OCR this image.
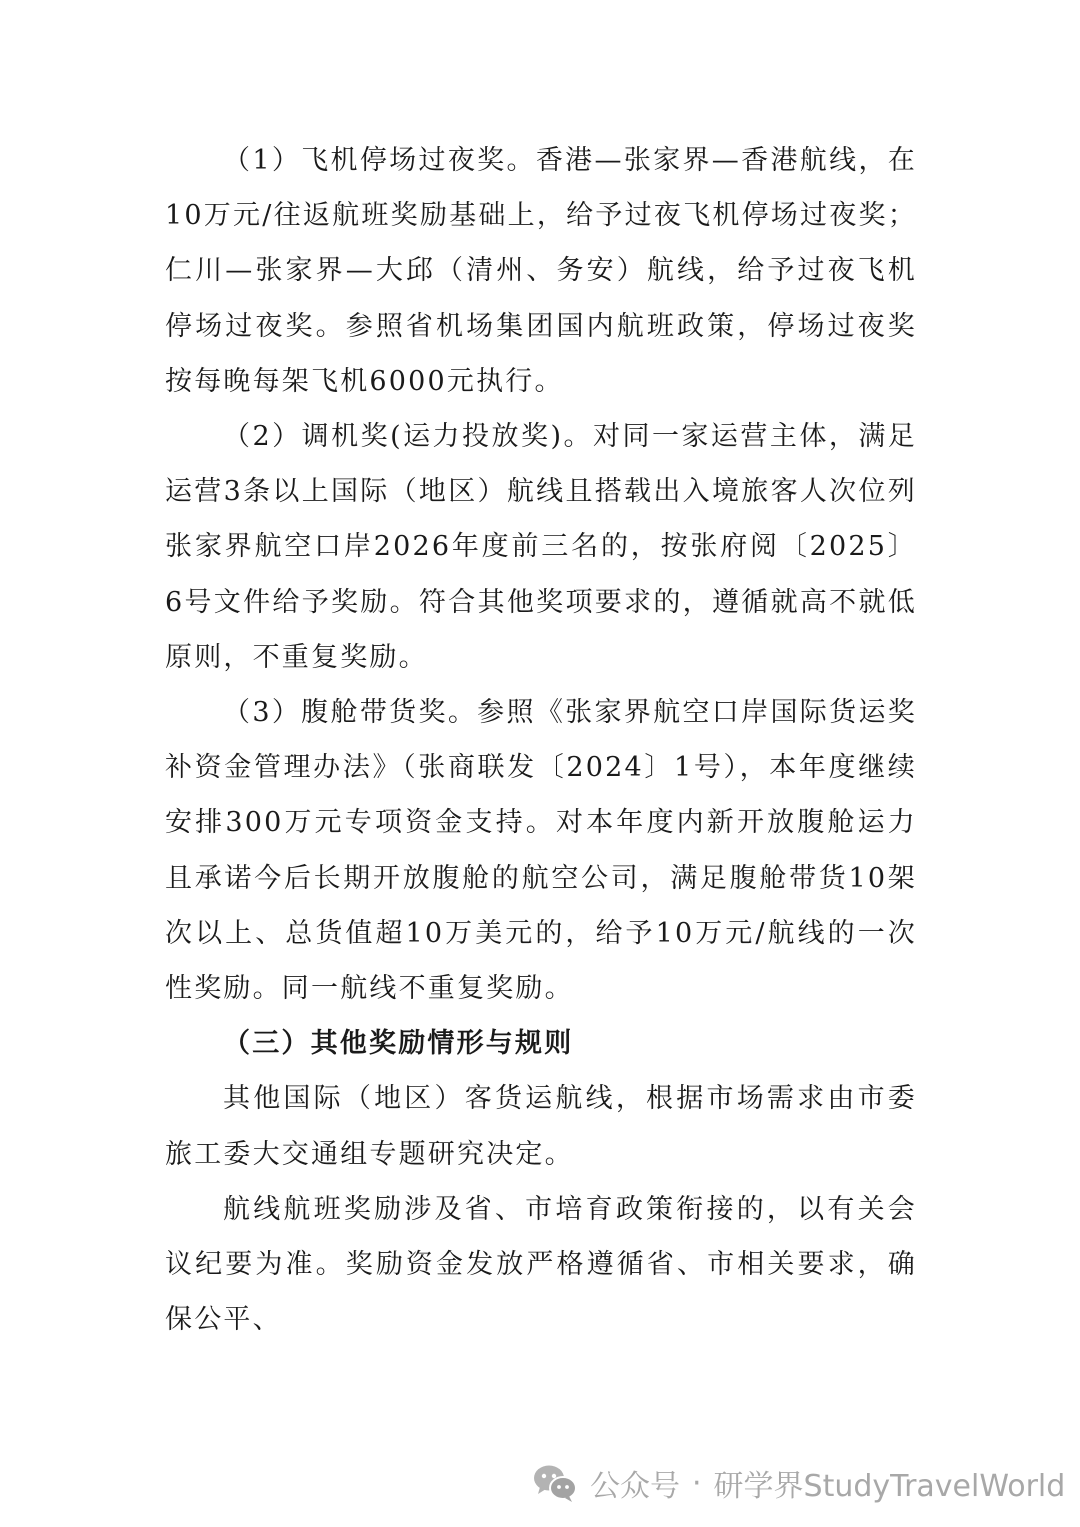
（1）飞机停场过夜奖。香港—张家界—香港航线，在10万元/往返航班奖励基础上，给予过夜飞机停场过夜奖；仁川—张家界—大邱（清州、务安）航线，给予过夜飞机停场过夜奖。参照省机场集团国内航班政策，停场过夜奖按每晚每架飞机6000元执行。

（2）调机奖(运力投放奖)。对同一家运营主体，满足运营3条以上国际（地区）航线且搭载出入境旅客人次位列张家界航空口岸2026年度前三名的，按张府阅〔2025〕6号文件给予奖励。符合其他奖项要求的，遵循就高不就低原则，不重复奖励。

（3）腹舱带货奖。参照《张家界航空口岸国际货运奖补资金管理办法》（张商联发〔2024〕1号），本年度继续安排300万元专项资金支持。对本年度内新开放腹舱运力且承诺今后长期开放腹舱的航空公司，满足腹舱带货10架次以上、总货值超10万美元的，给予10万元/航线的一次性奖励。同一航线不重复奖励。

（三）其他奖励情形与规则

其他国际（地区）客货运航线，根据市场需求由市委旅工委大交通组专题研究决定。

航线航班奖励涉及省、市培育政策衔接的，以有关会议纪要为准。奖励资金发放严格遵循省、市相关要求，确保公平、

公众号 · 研学界StudyTravelWorld
